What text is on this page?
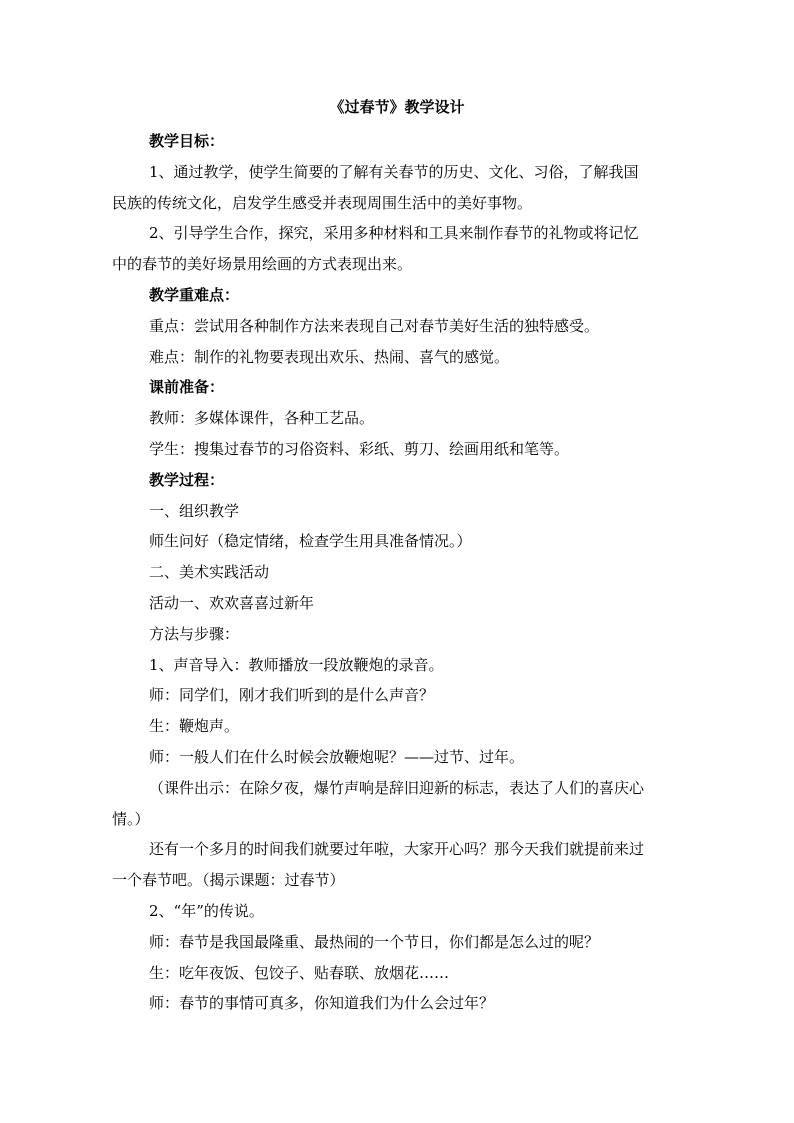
《过春节》教学设计
教学目标：
1、通过教学，使学生简要的了解有关春节的历史、文化、习俗，了解我国
民族的传统文化，启发学生感受并表现周围生活中的美好事物。
2、引导学生合作，探究，采用多种材料和工具来制作春节的礼物或将记忆
中的春节的美好场景用绘画的方式表现出来。
教学重难点：
重点：尝试用各种制作方法来表现自己对春节美好生活的独特感受。
难点：制作的礼物要表现出欢乐、热闹、喜气的感觉。
课前准备：
教师：多媒体课件，各种工艺品。
学生：搜集过春节的习俗资料、彩纸、剪刀、绘画用纸和笔等。
教学过程：
一、组织教学
师生问好（稳定情绪，检查学生用具准备情况。）
二、美术实践活动
活动一、欢欢喜喜过新年
方法与步骤：
1、声音导入：教师播放一段放鞭炮的录音。
师：同学们，刚才我们听到的是什么声音？
生：鞭炮声。
师：一般人们在什么时候会放鞭炮呢？——过节、过年。
（课件出示：在除夕夜，爆竹声响是辞旧迎新的标志，表达了人们的喜庆心
情。）
还有一个多月的时间我们就要过年啦，大家开心吗？那今天我们就提前来过
一个春节吧。（揭示课题：过春节）
2、“年”的传说。
师：春节是我国最隆重、最热闹的一个节日，你们都是怎么过的呢？
生：吃年夜饭、包饺子、贴春联、放烟花……
师：春节的事情可真多，你知道我们为什么会过年？
